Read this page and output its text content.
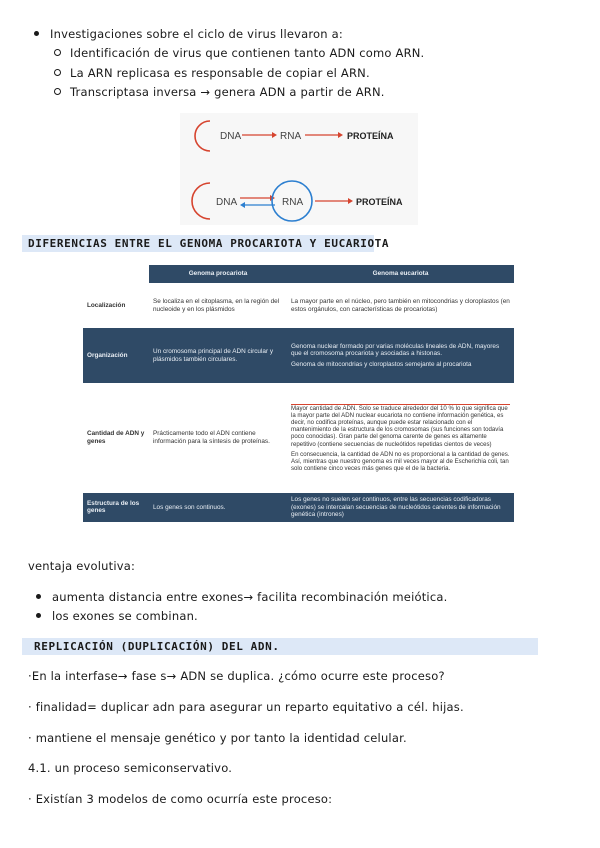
Investigaciones sobre el ciclo de virus llevaron a:
Identificación de virus que contienen tanto ADN como ARN.
La ARN replicasa es responsable de copiar el ARN.
Transcriptasa inversa → genera ADN a partir de ARN.
DNA	RNA	PROTEÍNA
DNA	RNA	PROTEÍNA
DIFERENCIAS ENTRE EL GENOMA PROCARIOTA Y EUCARIOTA
	Genoma procariota	Genoma eucariota
Localización	Se localiza en el citoplasma, en la región del nucleoide y en los plásmidos	La mayor parte en el núcleo, pero también en mitocondrias y cloroplastos (en estos orgánulos, con características de procariotas)
Organización	Un cromosoma principal de ADN circular y plásmidos también circulares.	Genoma nuclear formado por varias moléculas lineales de ADN, mayores que el cromosoma procariota y asociadas a histonas.
Genoma de mitocondrias y cloroplastos semejante al procariota

Cantidad de ADN y genes	Prácticamente todo el ADN contiene información para la síntesis de proteínas.	Mayor cantidad de ADN. Solo se traduce alrededor del 10 % lo que significa que la mayor parte del ADN nuclear eucariota no contiene información genética, es decir, no codifica proteínas, aunque puede estar relacionado con el mantenimiento de la estructura de los cromosomas (sus funciones son todavía poco conocidas). Gran parte del genoma carente de genes es altamente repetitivo (contiene secuencias de nucleótidos repetidas cientos de veces)
En consecuencia, la cantidad de ADN no es proporcional a la cantidad de genes. Así, mientras que nuestro genoma es mil veces mayor al de Escherichia coli, tan solo contiene cinco veces más genes que el de la bacteria.

Estructura de los genes	Los genes son continuos.	Los genes no suelen ser continuos, entre las secuencias codificadoras (exones) se intercalan secuencias de nucleótidos carentes de información genética (intrones)
ventaja evolutiva:
aumenta distancia entre exones→ facilita recombinación meiótica.
los exones se combinan.
REPLICACIÓN (DUPLICACIÓN) DEL ADN.
·En la interfase→ fase s→ ADN se duplica. ¿cómo ocurre este proceso?
· finalidad= duplicar adn para asegurar un reparto equitativo a cél. hijas.
· mantiene el mensaje genético y por tanto la identidad celular.
4.1. un proceso semiconservativo.
· Existían 3 modelos de como ocurría este proceso:
